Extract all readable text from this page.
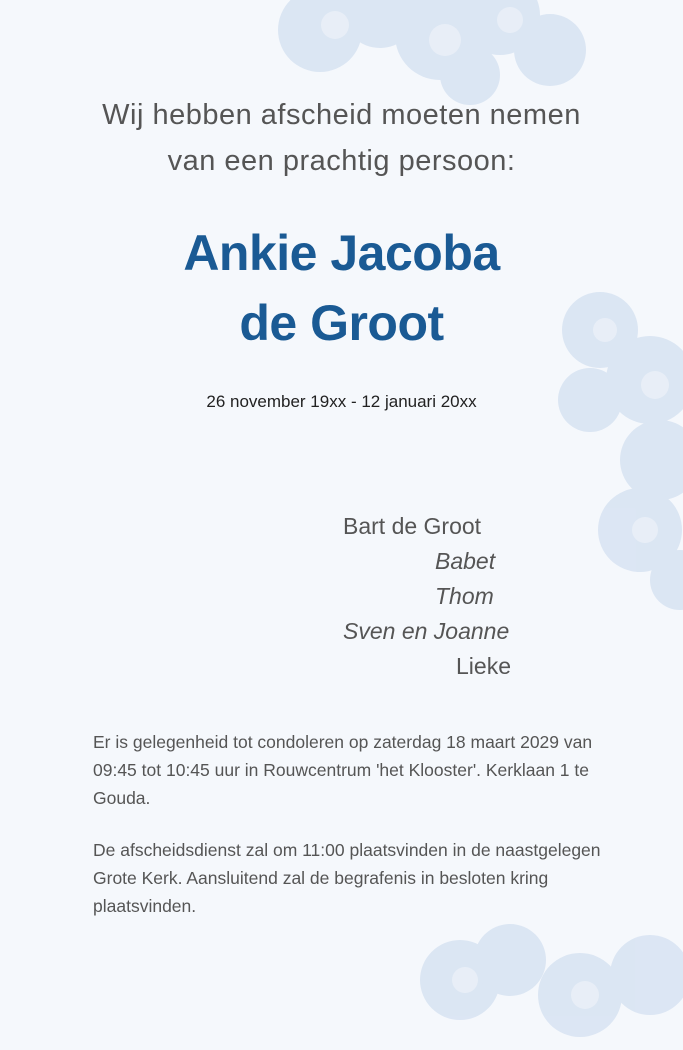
Wij hebben afscheid moeten nemen
van een prachtig persoon:
Ankie Jacoba
de Groot
26 november 19xx - 12 januari 20xx
Bart de Groot
Babet
Thom
Sven en Joanne
Lieke
Er is gelegenheid tot condoleren op zaterdag 18 maart 2029 van 09:45 tot 10:45 uur in Rouwcentrum 'het Klooster'. Kerklaan 1 te Gouda.
De afscheidsdienst zal om 11:00 plaatsvinden in de naastgelegen Grote Kerk. Aansluitend zal de begrafenis in besloten kring plaatsvinden.
